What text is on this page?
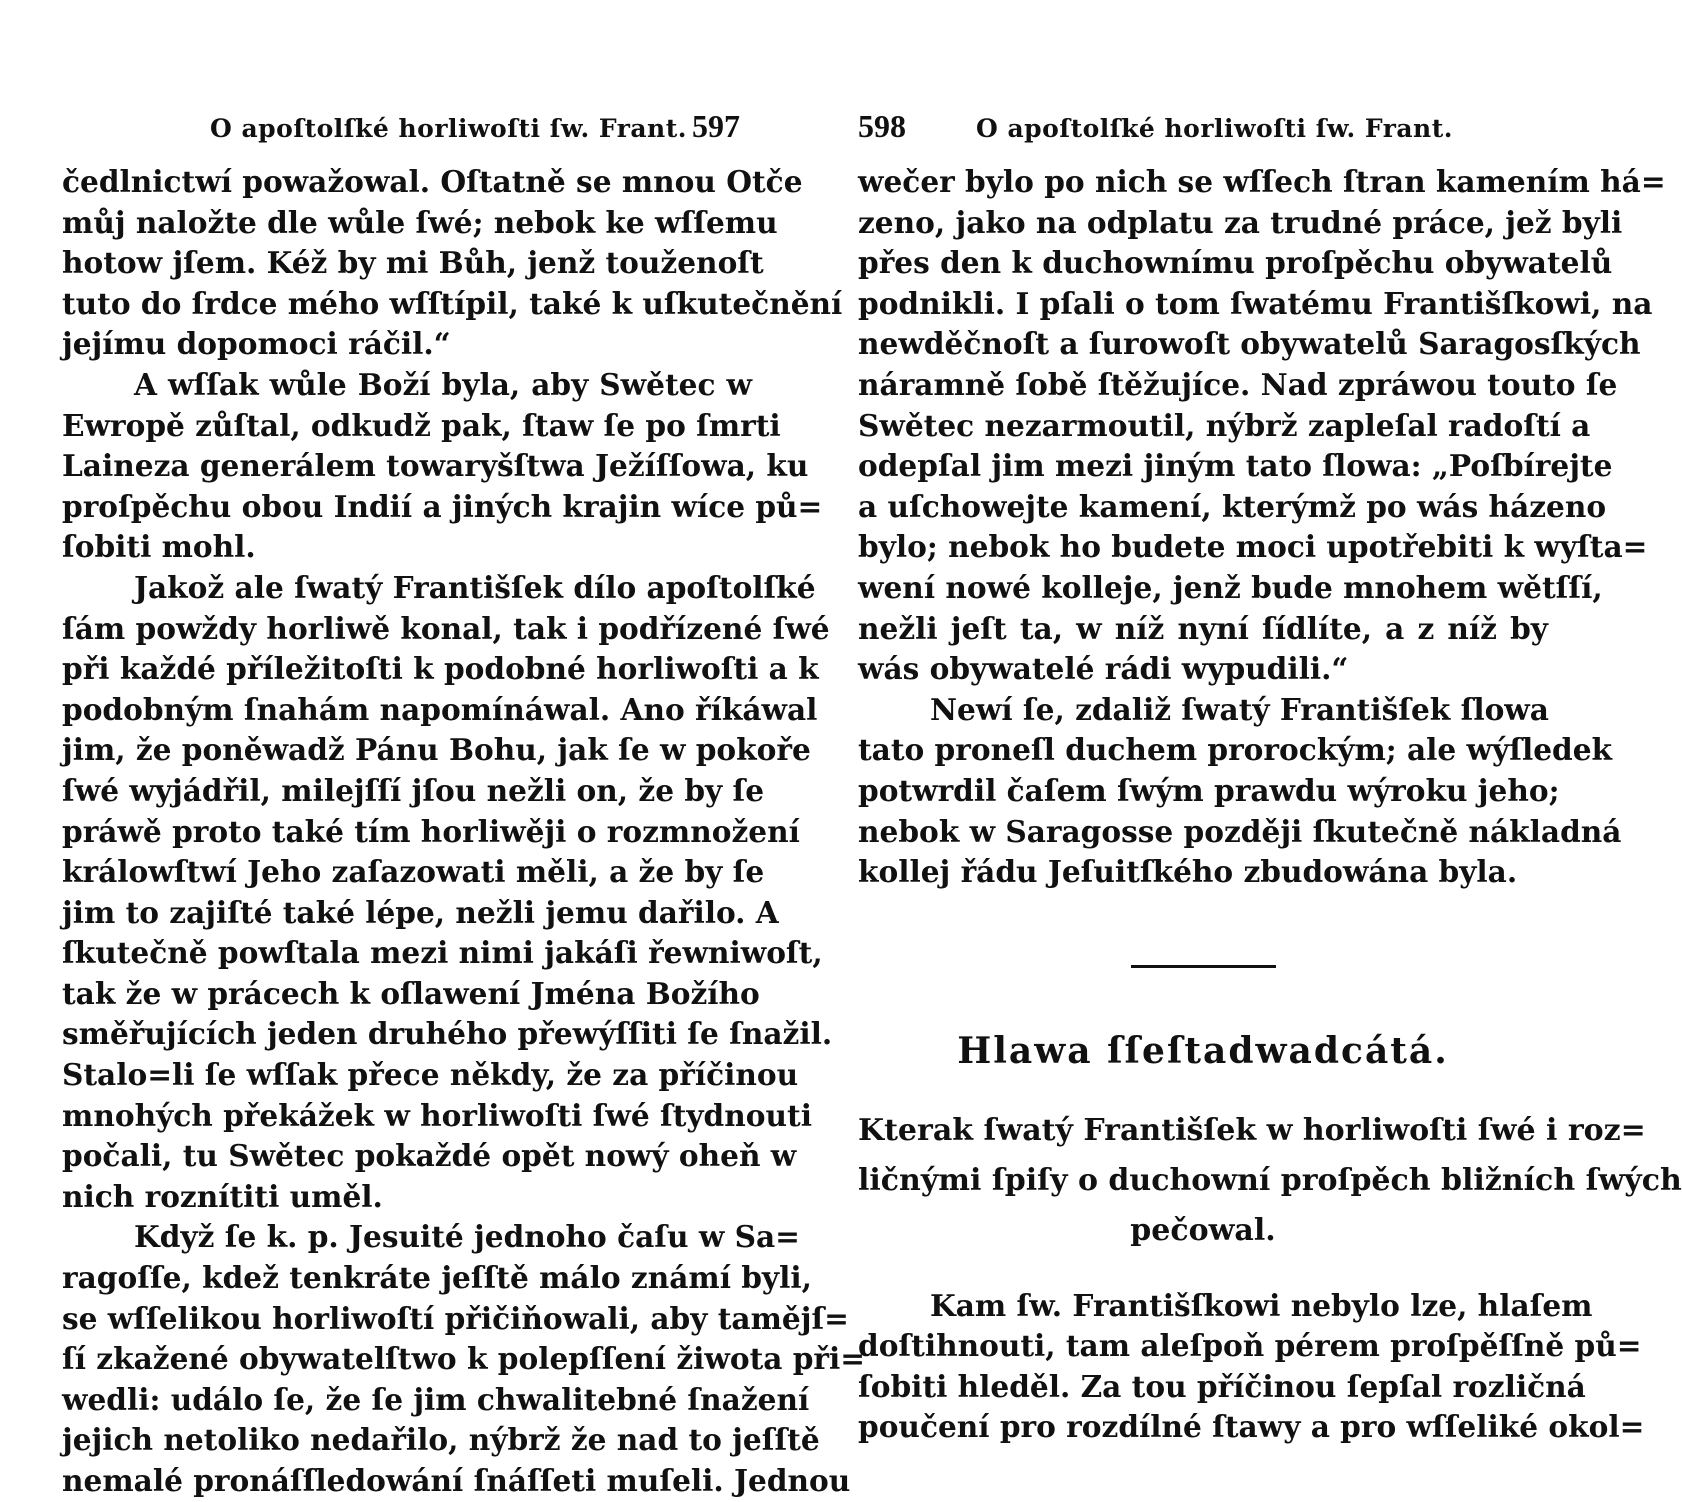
O apoſtolſké horliwoſti ſw. Frant. 597
čedlnictwí powažowal. Oſtatně se mnou Otče
můj naložte dle wůle ſwé; nebok ke wſſemu
hotow jſem. Kéž by mi Bůh, jenž touženoſt
tuto do ſrdce mého wſſtípil, také k uſkutečnění
jejímu dopomoci ráčil.“
A wſſak wůle Boží byla, aby Swětec w
Ewropě zůſtal, odkudž pak, ſtaw ſe po ſmrti
Laineza generálem towaryšſtwa Ježíſſowa, ku
proſpěchu obou Indií a jiných krajin wíce pů=
ſobiti mohl.
Jakož ale ſwatý Františſek dílo apoſtolſké
ſám powždy horliwě konal, tak i podřízené ſwé
při každé příležitoſti k podobné horliwoſti a k
podobným ſnahám napomínáwal. Ano říkáwal
jim, že poněwadž Pánu Bohu, jak ſe w pokoře
ſwé wyjádřil, milejſſí jſou nežli on, že by ſe
práwě proto také tím horliwěji o rozmnožení
králowſtwí Jeho zaſazowati měli, a že by ſe
jim to zajiſté také lépe, nežli jemu dařilo. A
ſkutečně powſtala mezi nimi jakáſi řewniwoſt,
tak že w prácech k oſlawení Jména Božího
směřujících jeden druhého přewýſſiti ſe ſnažil.
Stalo=li ſe wſſak přece někdy, že za příčinou
mnohých překážek w horliwoſti ſwé ſtydnouti
počali, tu Swětec pokaždé opět nowý oheň w
nich roznítiti uměl.
Když ſe k. p. Jesuité jednoho čaſu w Sa=
ragoſſe, kdež tenkráte jeſſtě málo známí byli,
se wſſelikou horliwoſtí přičiňowali, aby tamějſ=
ſí zkažené obywatelſtwo k polepſſení žiwota při=
wedli: událo ſe, že ſe jim chwalitebné ſnažení
jejich netoliko nedařilo, nýbrž že nad to jeſſtě
nemalé pronáſſledowání ſnáſſeti muſeli. Jednou
598	O apoſtolſké horliwoſti ſw. Frant.
wečer bylo po nich se wſſech ſtran kamením há=
zeno, jako na odplatu za trudné práce, jež byli
přes den k duchownímu proſpěchu obywatelů
podnikli. I pſali o tom ſwatému Františſkowi, na
newděčnoſt a ſurowoſt obywatelů Saragosſkých
náramně ſobě ſtěžujíce. Nad zpráwou touto ſe
Swětec nezarmoutil, nýbrž zapleſal radoſtí a
odepſal jim mezi jiným tato ſlowa: „Poſbírejte
a uſchowejte kamení, kterýmž po wás házeno
bylo; nebok ho budete moci upotřebiti k wyſta=
wení nowé kolleje, jenž bude mnohem wětſſí,
nežli jeſt ta, w níž nyní ſídlíte, a z níž by
wás obywatelé rádi wypudili.“
Newí ſe, zdaliž ſwatý Františſek ſlowa
tato proneſl duchem prorockým; ale wýſledek
potwrdil čaſem ſwým prawdu wýroku jeho;
nebok w Saragosse později ſkutečně nákladná
kollej řádu Jeſuitſkého zbudowána byla.
Hlawa ſſeſtadwadcátá.
Kterak ſwatý Františſek w horliwoſti ſwé i roz=
ličnými ſpiſy o duchowní proſpěch bližních ſwých
pečowal.
Kam ſw. Františſkowi nebylo lze, hlaſem
doſtihnouti, tam aleſpoň pérem proſpěſſně pů=
ſobiti hleděl. Za tou příčinou ſepſal rozličná
poučení pro rozdílné ſtawy a pro wſſeliké okol=
